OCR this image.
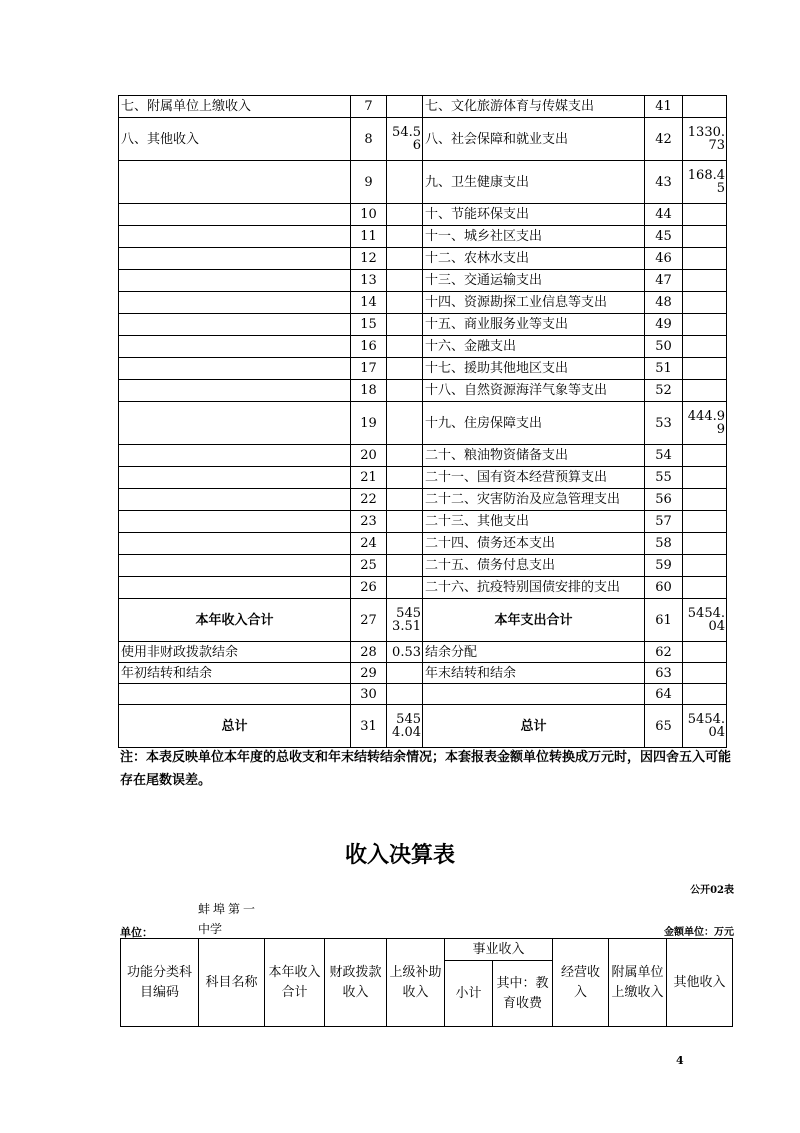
七、附属单位上缴收入	7		七、文化旅游体育与传媒支出	41	
八、其他收入	8	54.56	八、社会保障和就业支出	42	1330.73
	9		九、卫生健康支出	43	168.45
	10		十、节能环保支出	44	
	11		十一、城乡社区支出	45	
	12		十二、农林水支出	46	
	13		十三、交通运输支出	47	
	14		十四、资源勘探工业信息等支出	48	
	15		十五、商业服务业等支出	49	
	16		十六、金融支出	50	
	17		十七、援助其他地区支出	51	
	18		十八、自然资源海洋气象等支出	52	
	19		十九、住房保障支出	53	444.99
	20		二十、粮油物资储备支出	54	
	21		二十一、国有资本经营预算支出	55	
	22		二十二、灾害防治及应急管理支出	56	
	23		二十三、其他支出	57	
	24		二十四、债务还本支出	58	
	25		二十五、债务付息支出	59	
	26		二十六、抗疫特别国债安排的支出	60	
本年收入合计	27	5453.51	本年支出合计	61	5454.04
使用非财政拨款结余	28	0.53	结余分配	62	
年初结转和结余	29		年末结转和结余	63	
	30			64	
总计	31	5454.04	总计	65	5454.04
注：本表反映单位本年度的总收支和年末结转结余情况；本套报表金额单位转换成万元时，因四舍五入可能存在尾数误差。
收入决算表
公开02表
蚌埠第一
中学
单位：	金额单位：万元
功能分类科目编码	科目名称	本年收入合计	财政拨款收入	上级补助收入	事业收入		经营收入	附属单位上缴收入	其他收入
					小计	其中：教育收费			
4
